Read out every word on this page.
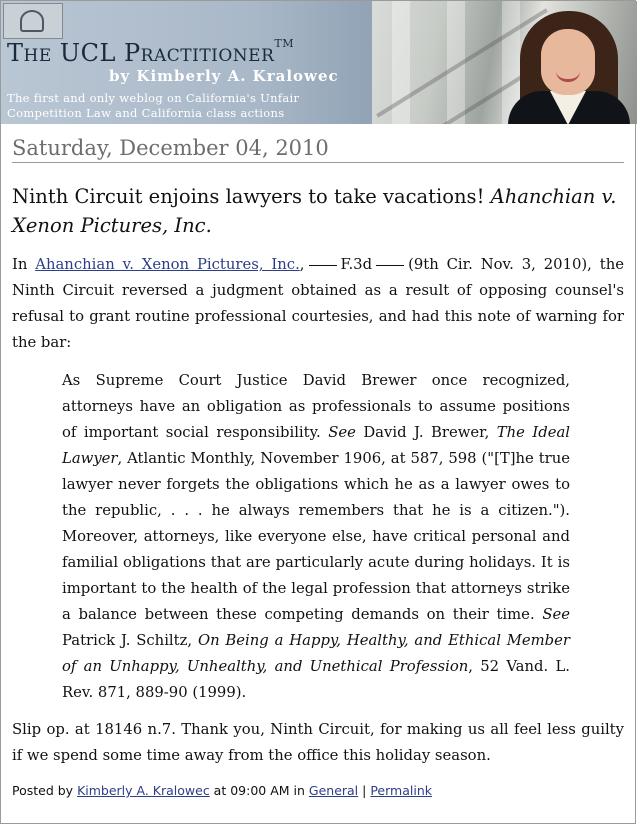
The UCL Practitioner™
by Kimberly A. Kralowec
The first and only weblog on California's Unfair Competition Law and California class actions
Saturday, December 04, 2010
Ninth Circuit enjoins lawyers to take vacations! Ahanchian v. Xenon Pictures, Inc.
In Ahanchian v. Xenon Pictures, Inc., F.3d (9th Cir. Nov. 3, 2010), the Ninth Circuit reversed a judgment obtained as a result of opposing counsel's refusal to grant routine professional courtesies, and had this note of warning for the bar:
As Supreme Court Justice David Brewer once recognized, attorneys have an obligation as professionals to assume positions of important social responsibility. See David J. Brewer, The Ideal Lawyer, Atlantic Monthly, November 1906, at 587, 598 ("[T]he true lawyer never forgets the obligations which he as a lawyer owes to the republic, . . . he always remembers that he is a citizen."). Moreover, attorneys, like everyone else, have critical personal and familial obligations that are particularly acute during holidays. It is important to the health of the legal profession that attorneys strike a balance between these competing demands on their time. See Patrick J. Schiltz, On Being a Happy, Healthy, and Ethical Member of an Unhappy, Unhealthy, and Unethical Profession, 52 Vand. L. Rev. 871, 889-90 (1999).
Slip op. at 18146 n.7. Thank you, Ninth Circuit, for making us all feel less guilty if we spend some time away from the office this holiday season.
Posted by Kimberly A. Kralowec at 09:00 AM in General | Permalink
